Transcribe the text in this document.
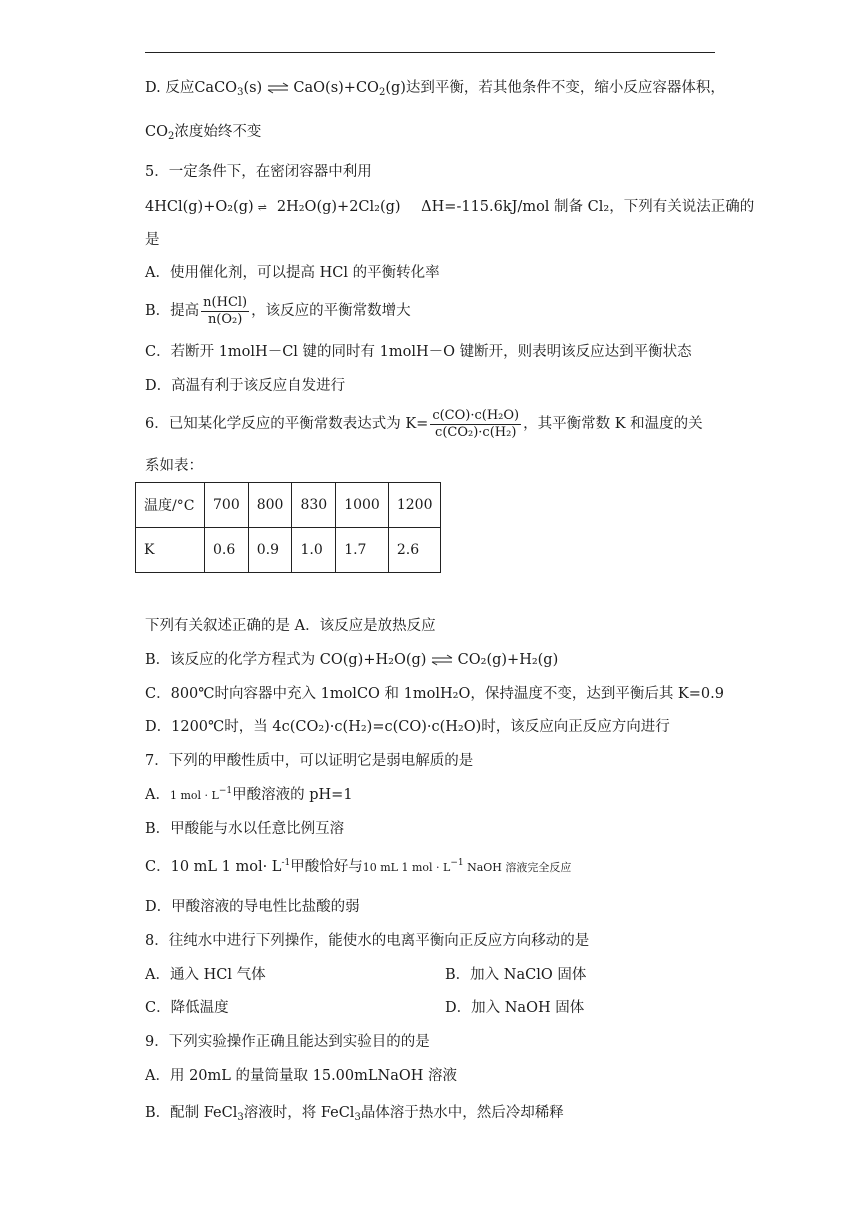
D. 反应CaCO$_3$(s) ⇌ $CaO(s)+CO_2(g)$达到平衡，若其他条件不变，缩小反应容器体积，
$CO_2$浓度始终不变
5．一定条件下，在密闭容器中利用
4HCl(g)+O₂(g) ⇌ 2H₂O(g)+2Cl₂(g) ΔH=-115.6kJ/mol 制备 Cl₂，下列有关说法正确的
是
A．使用催化剂，可以提高 HCl 的平衡转化率
B．提高 $\frac{\text{n(HCl)}}{\text{n(O₂)}}$ ，该反应的平衡常数增大
C．若断开 1molH－Cl 键的同时有 1molH－O 键断开，则表明该反应达到平衡状态
D．高温有利于该反应自发进行
6．已知某化学反应的平衡常数表达式为 $K= \frac{\text{c(CO)·c(H₂O)}}{\text{c(CO₂)·c(H₂)}}$ ，其平衡常数 K 和温度的关
系如表：
温度/°C	700	800	830	1000	1200
K	0.6	0.9	1.0	1.7	2.6
下列有关叙述正确的是 A．该反应是放热反应
B．该反应的化学方程式为 CO(g)+H₂O(g) ⇌ CO₂(g)+H₂(g)
C．800℃时向容器中充入 1molCO 和 1molH₂O，保持温度不变，达到平衡后其 K=0.9
D．1200℃时，当 4c(CO₂)·c(H₂)=c(CO)·c(H₂O)时，该反应向正反应方向进行
7．下列的甲酸性质中，可以证明它是弱电解质的是
A．1 mol · $L^{-1}$甲酸溶液的 pH=1
B．甲酸能与水以任意比例互溶
C．10 mL 1 $mol\cdot L^{-1}$甲酸恰好与10 mL 1 mol · $L^{-1}$ NaOH 溶液完全反应
D．甲酸溶液的导电性比盐酸的弱
8．往纯水中进行下列操作，能使水的电离平衡向正反应方向移动的是
A．通入 HCl 气体	B．加入 NaClO 固体
C．降低温度	D．加入 NaOH 固体
9．下列实验操作正确且能达到实验目的的是
A．用 20mL 的量筒量取 15.00mLNaOH 溶液
B．配制 FeCl$_3$溶液时，将 FeCl$_3$晶体溶于热水中，然后冷却稀释
